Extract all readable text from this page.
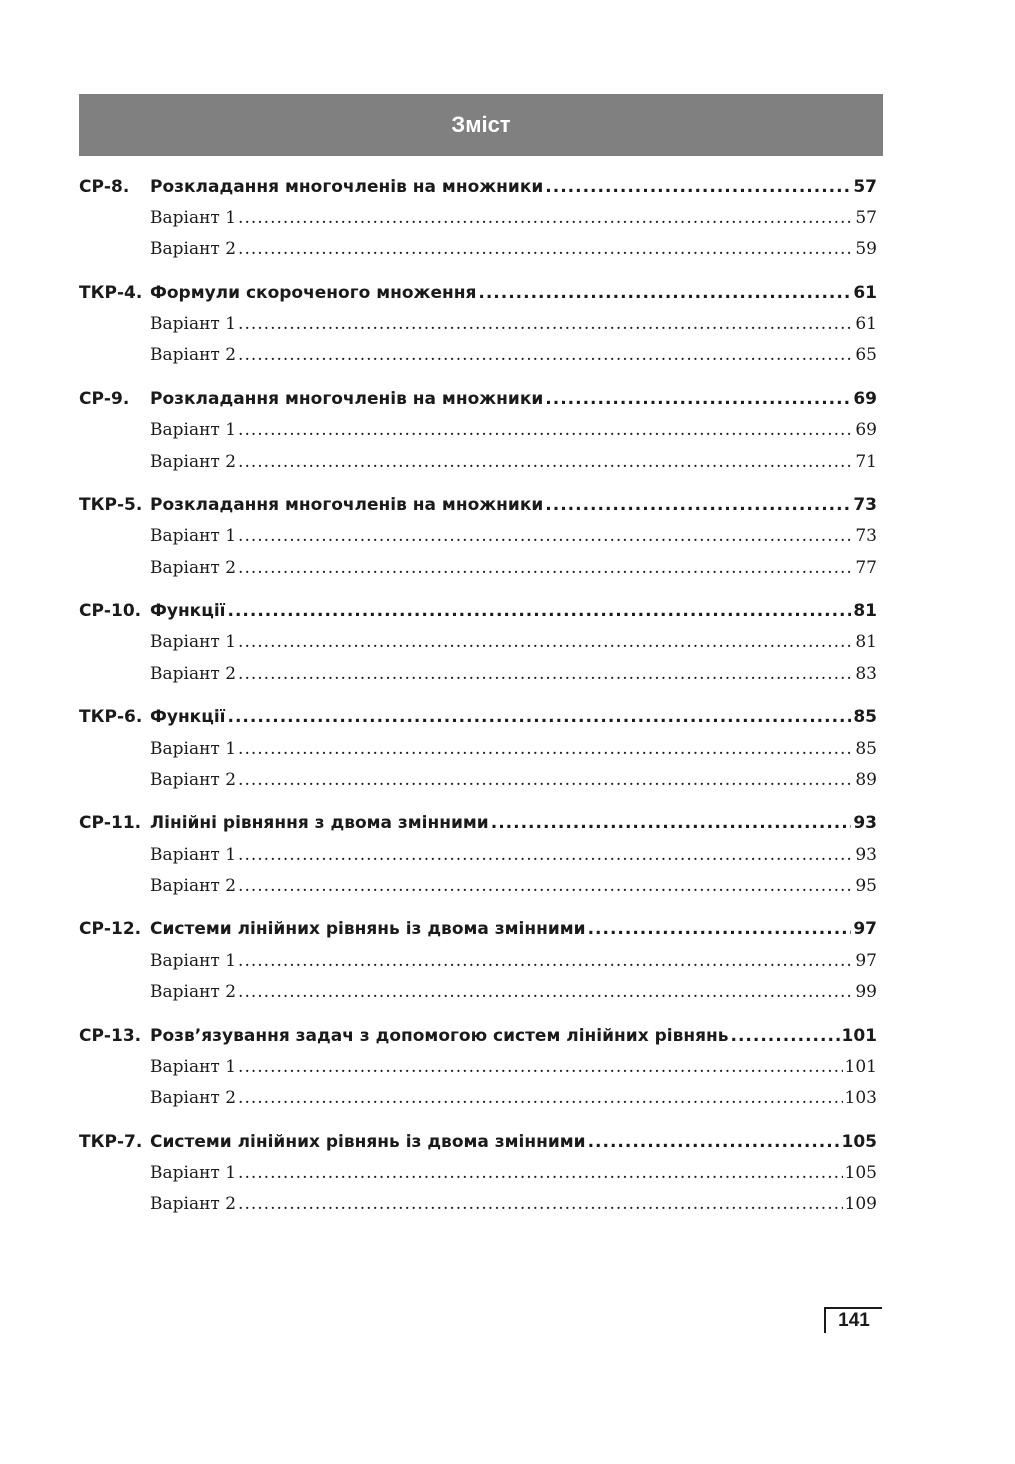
Зміст
СР-8.	Розкладання многочленів на множники .....	57
Варіант 1 .....	57
Варіант 2 .....	59
ТКР-4. Формули скороченого множення .....	61
Варіант 1 .....	61
Варіант 2 .....	65
СР-9.	Розкладання многочленів на множники .....	69
Варіант 1 .....	69
Варіант 2 .....	71
ТКР-5. Розкладання многочленів на множники .....	73
Варіант 1 .....	73
Варіант 2 .....	77
СР-10. Функції .....	81
Варіант 1 .....	81
Варіант 2 .....	83
ТКР-6. Функції .....	85
Варіант 1 .....	85
Варіант 2 .....	89
СР-11. Лінійні рівняння з двома змінними .....	93
Варіант 1 .....	93
Варіант 2 .....	95
СР-12. Системи лінійних рівнянь із двома змінними .....	97
Варіант 1 .....	97
Варіант 2 .....	99
СР-13. Розв’язування задач з допомогою систем лінійних рівнянь .....	101
Варіант 1 .....	101
Варіант 2 .....	103
ТКР-7. Системи лінійних рівнянь із двома змінними .....	105
Варіант 1 .....	105
Варіант 2 .....	109
141
